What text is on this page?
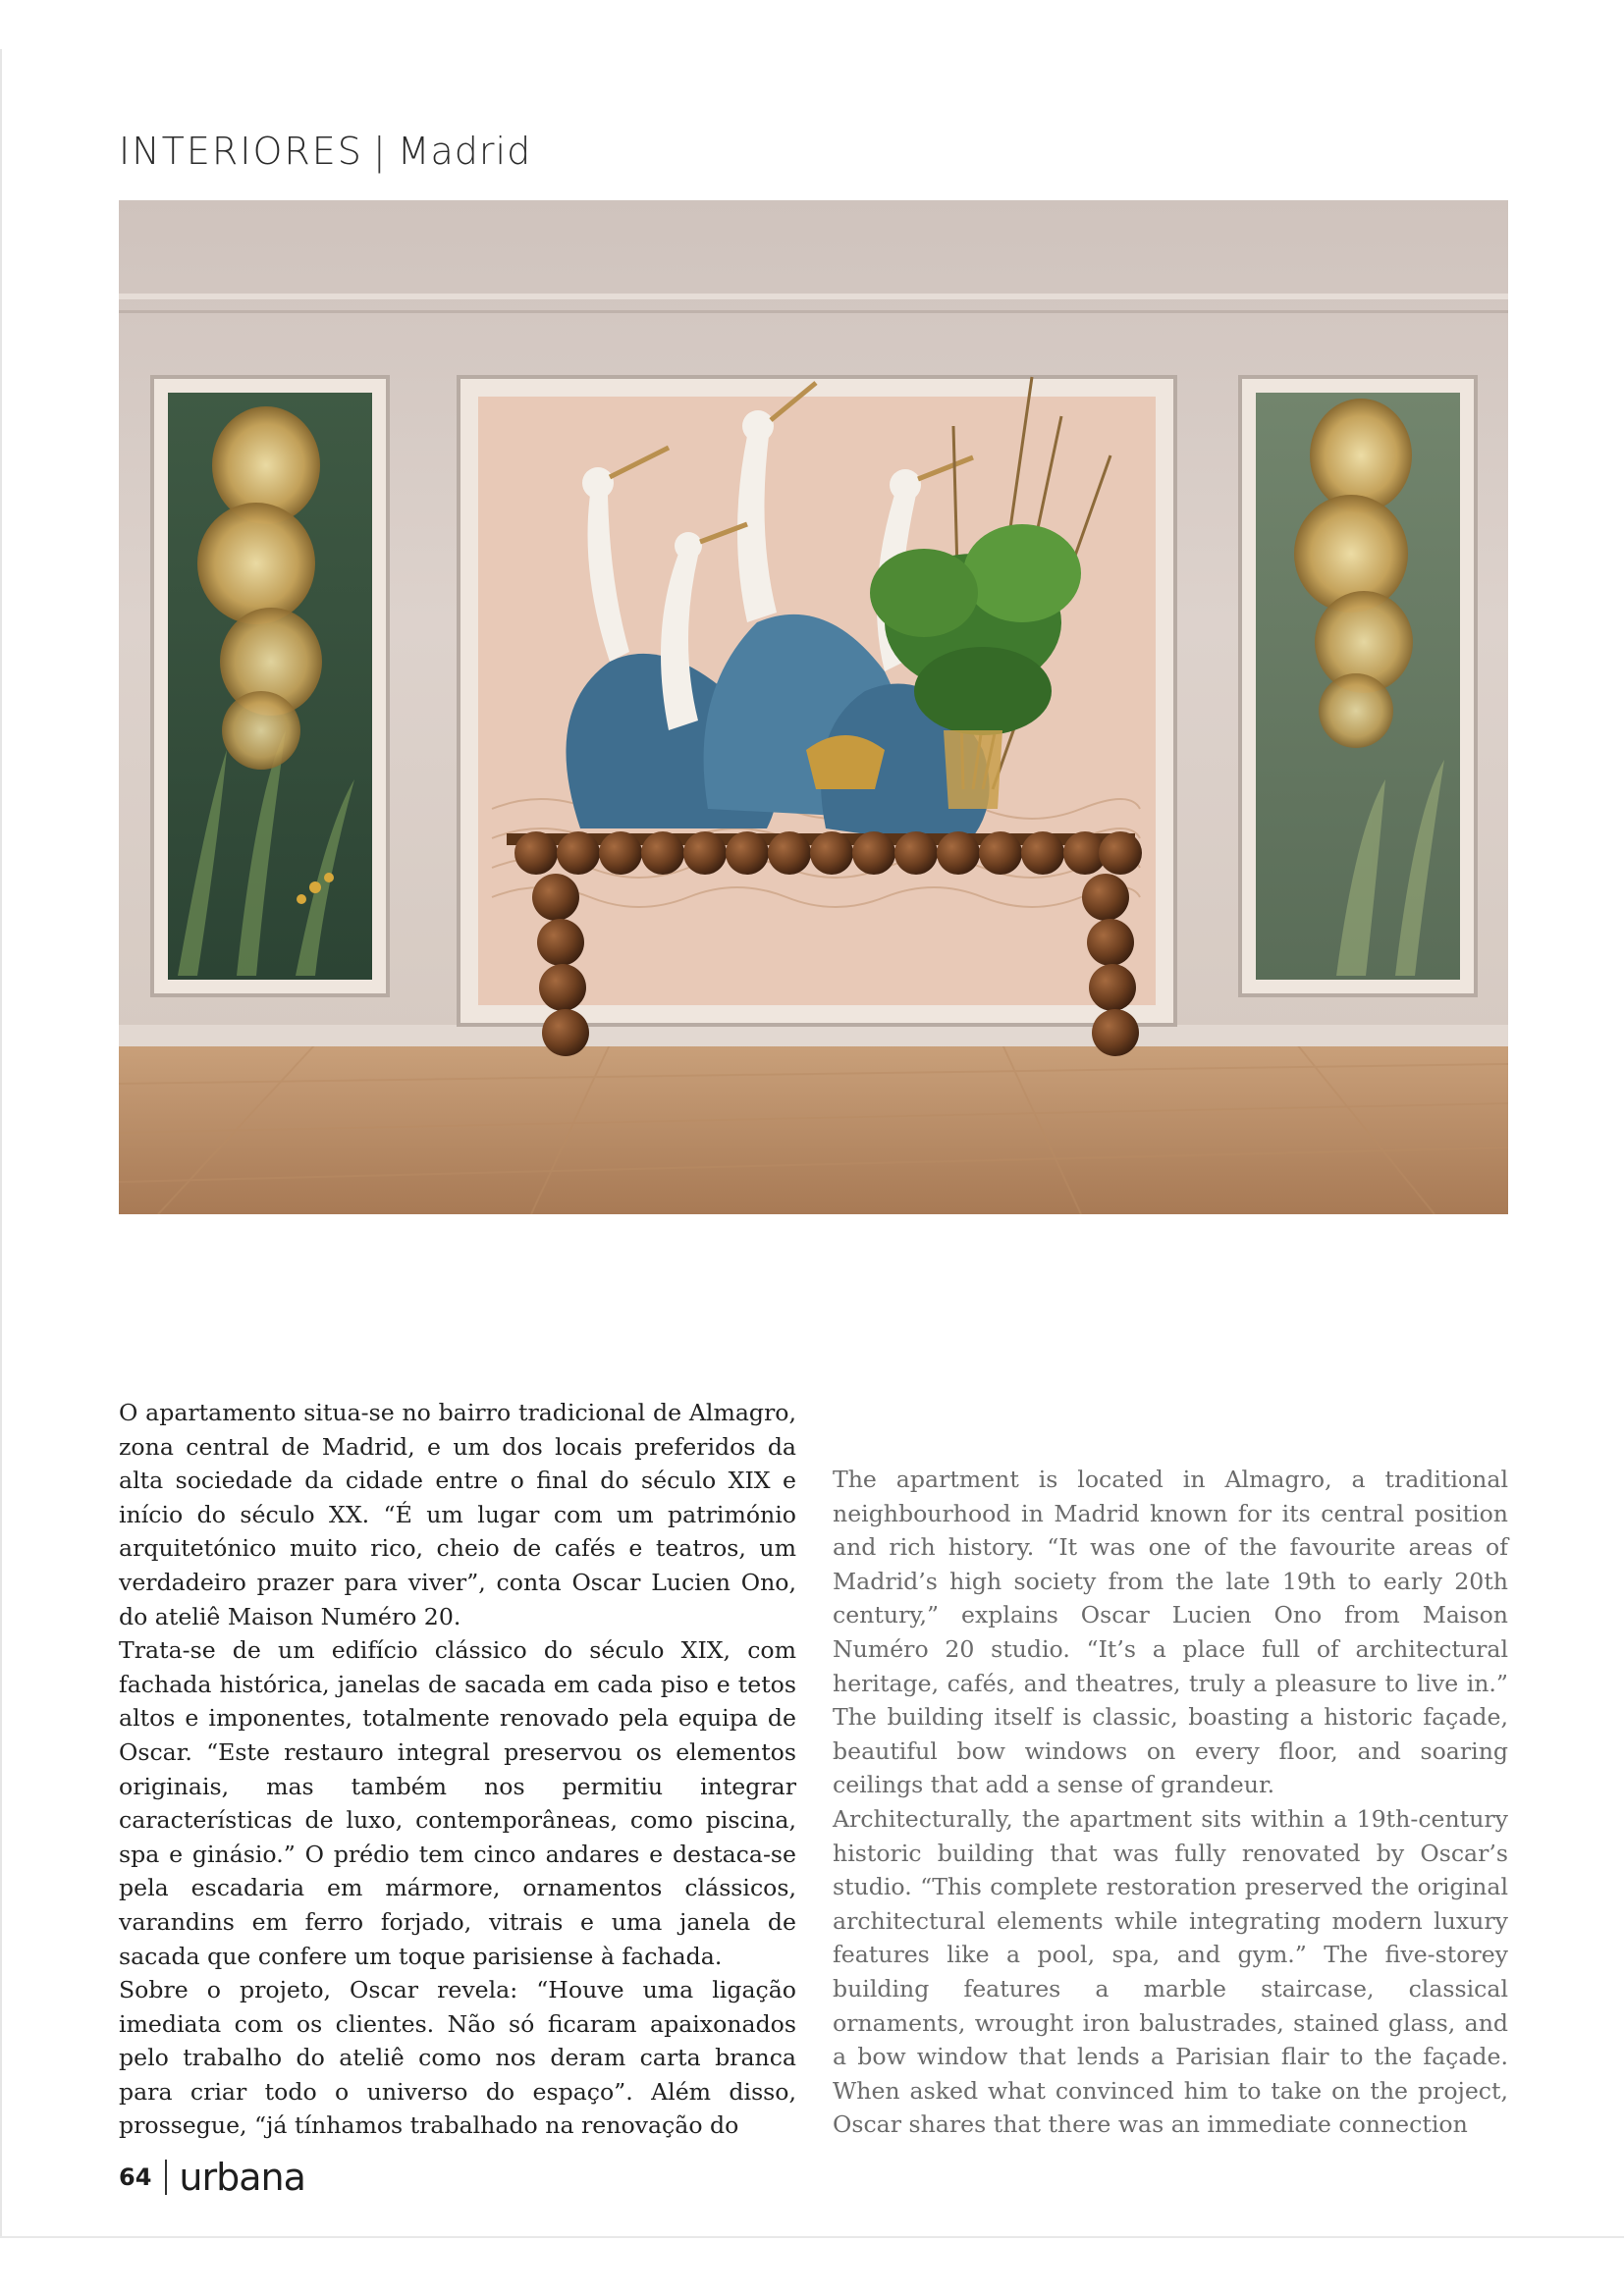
INTERIORES | Madrid

O apartamento situa-se no bairro tradicional de Almagro, zona central de Madrid, e um dos locais preferidos da alta sociedade da cidade entre o final do século XIX e início do século XX. “É um lugar com um património arquitetónico muito rico, cheio de cafés e teatros, um verdadeiro prazer para viver”, conta Oscar Lucien Ono, do ateliê Maison Numéro 20.

Trata-se de um edifício clássico do século XIX, com fachada histórica, janelas de sacada em cada piso e tetos altos e imponentes, totalmente renovado pela equipa de Oscar. “Este restauro integral preservou os elementos originais, mas também nos permitiu integrar características de luxo, contemporâneas, como piscina, spa e ginásio.” O prédio tem cinco andares e destaca-se pela escadaria em mármore, ornamentos clássicos, varandins em ferro forjado, vitrais e uma janela de sacada que confere um toque parisiense à fachada.

Sobre o projeto, Oscar revela: “Houve uma ligação imediata com os clientes. Não só ficaram apaixonados pelo trabalho do ateliê como nos deram carta branca para criar todo o universo do espaço”. Além disso, prossegue, “já tínhamos trabalhado na renovação do

The apartment is located in Almagro, a traditional neighbourhood in Madrid known for its central position and rich history. “It was one of the favourite areas of Madrid’s high society from the late 19th to early 20th century,” explains Oscar Lucien Ono from Maison Numéro 20 studio. “It’s a place full of architectural heritage, cafés, and theatres, truly a pleasure to live in.” The building itself is classic, boasting a historic façade, beautiful bow windows on every floor, and soaring ceilings that add a sense of grandeur.

Architecturally, the apartment sits within a 19th-century historic building that was fully renovated by Oscar’s studio. “This complete restoration preserved the original architectural elements while integrating modern luxury features like a pool, spa, and gym.” The five-storey building features a marble staircase, classical ornaments, wrought iron balustrades, stained glass, and a bow window that lends a Parisian flair to the façade. When asked what convinced him to take on the project, Oscar shares that there was an immediate connection

64 urbana
